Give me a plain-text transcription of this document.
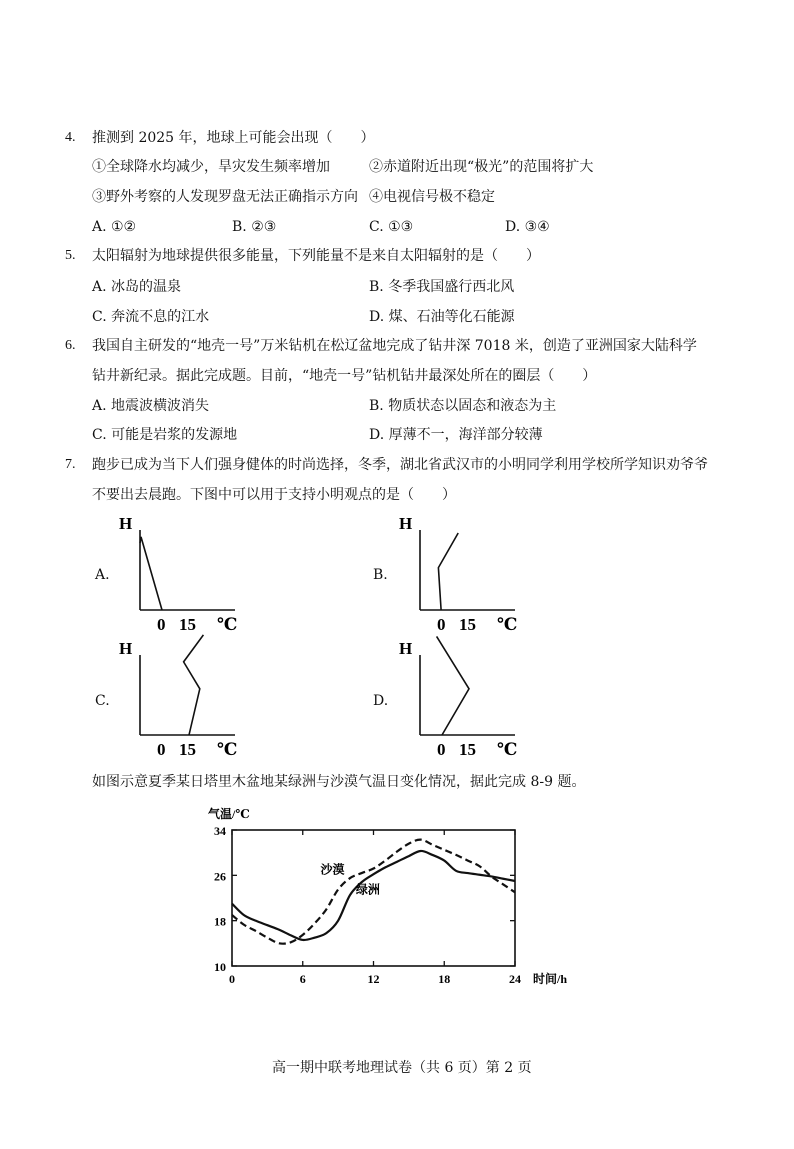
4. 推测到 2025 年，地球上可能会出现（　　）
①全球降水均减少，旱灾发生频率增加	②赤道附近出现“极光”的范围将扩大
③野外考察的人发现罗盘无法正确指示方向 ④电视信号极不稳定
A. ①②	B. ②③	C. ①③	D. ③④
5. 太阳辐射为地球提供很多能量，下列能量不是来自太阳辐射的是（　　）
A. 冰岛的温泉	B. 冬季我国盛行西北风
C. 奔流不息的江水	D. 煤、石油等化石能源
6. 我国自主研发的“地壳一号”万米钻机在松辽盆地完成了钻井深 7018 米，创造了亚洲国家大陆科学
钻井新纪录。据此完成题。目前，“地壳一号”钻机钻井最深处所在的圈层（　　）
A. 地震波横波消失	B. 物质状态以固态和液态为主
C. 可能是岩浆的发源地	D. 厚薄不一，海洋部分较薄
7. 跑步已成为当下人们强身健体的时尚选择，冬季，湖北省武汉市的小明同学利用学校所学知识劝爷爷
不要出去晨跑。下图中可以用于支持小明观点的是（　　）
A.	B.
C.	D.
H
0 15 ℃
H
0 15 ℃
H
0 15 ℃
H
0 15 ℃
如图示意夏季某日塔里木盆地某绿洲与沙漠气温日变化情况，据此完成 8-9 题。
气温/℃
10
18
26
34
0	6	12	18	24 时间/h
沙漠
绿洲
高一期中联考地理试卷（共 6 页）第 2 页
